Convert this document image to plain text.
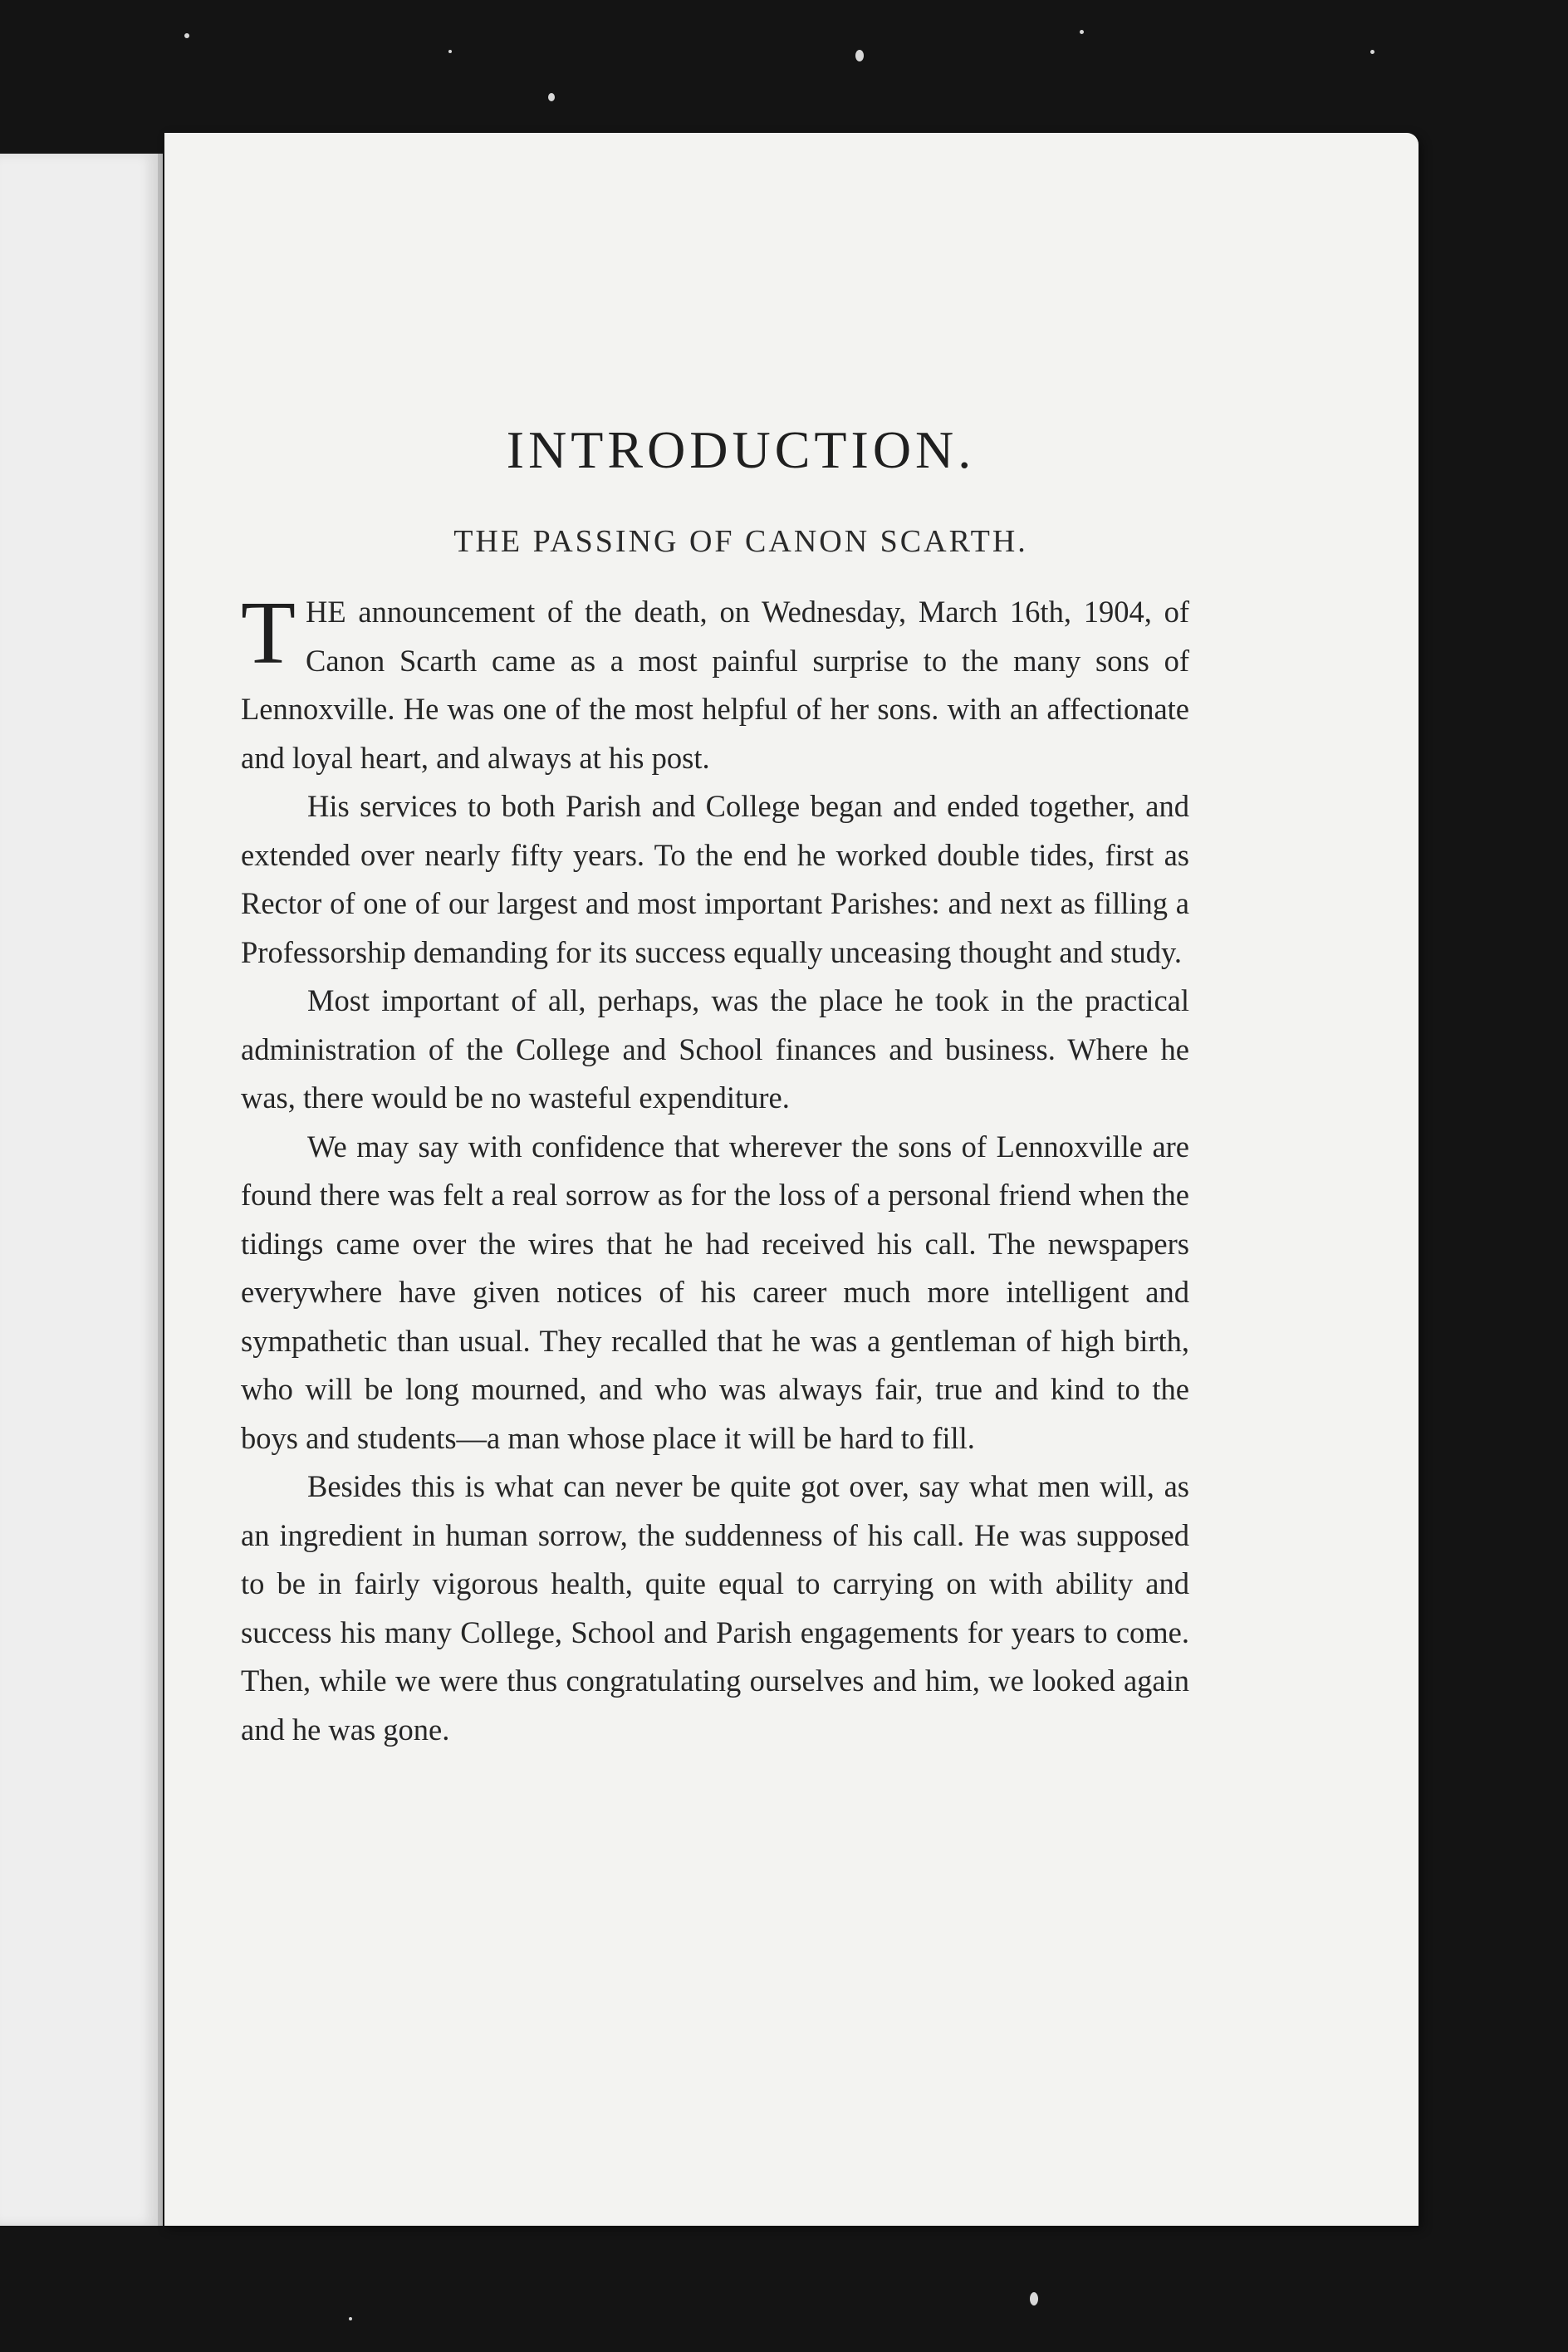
INTRODUCTION.
THE PASSING OF CANON SCARTH.

THE announcement of the death, on Wednesday, March 16th, 1904, of Canon Scarth came as a most painful surprise to the many sons of Lennoxville. He was one of the most helpful of her sons. with an affectionate and loyal heart, and always at his post.

His services to both Parish and College began and ended together, and extended over nearly fifty years. To the end he worked double tides, first as Rector of one of our largest and most important Parishes: and next as filling a Professorship demanding for its success equally unceasing thought and study.

Most important of all, perhaps, was the place he took in the practical administration of the College and School finances and business. Where he was, there would be no wasteful expenditure.

We may say with confidence that wherever the sons of Lennoxville are found there was felt a real sorrow as for the loss of a personal friend when the tidings came over the wires that he had received his call. The newspapers everywhere have given notices of his career much more intelligent and sympathetic than usual. They recalled that he was a gentleman of high birth, who will be long mourned, and who was always fair, true and kind to the boys and students—a man whose place it will be hard to fill.

Besides this is what can never be quite got over, say what men will, as an ingredient in human sorrow, the suddenness of his call. He was supposed to be in fairly vigorous health, quite equal to carrying on with ability and success his many College, School and Parish engagements for years to come. Then, while we were thus congratulating ourselves and him, we looked again and he was gone.
